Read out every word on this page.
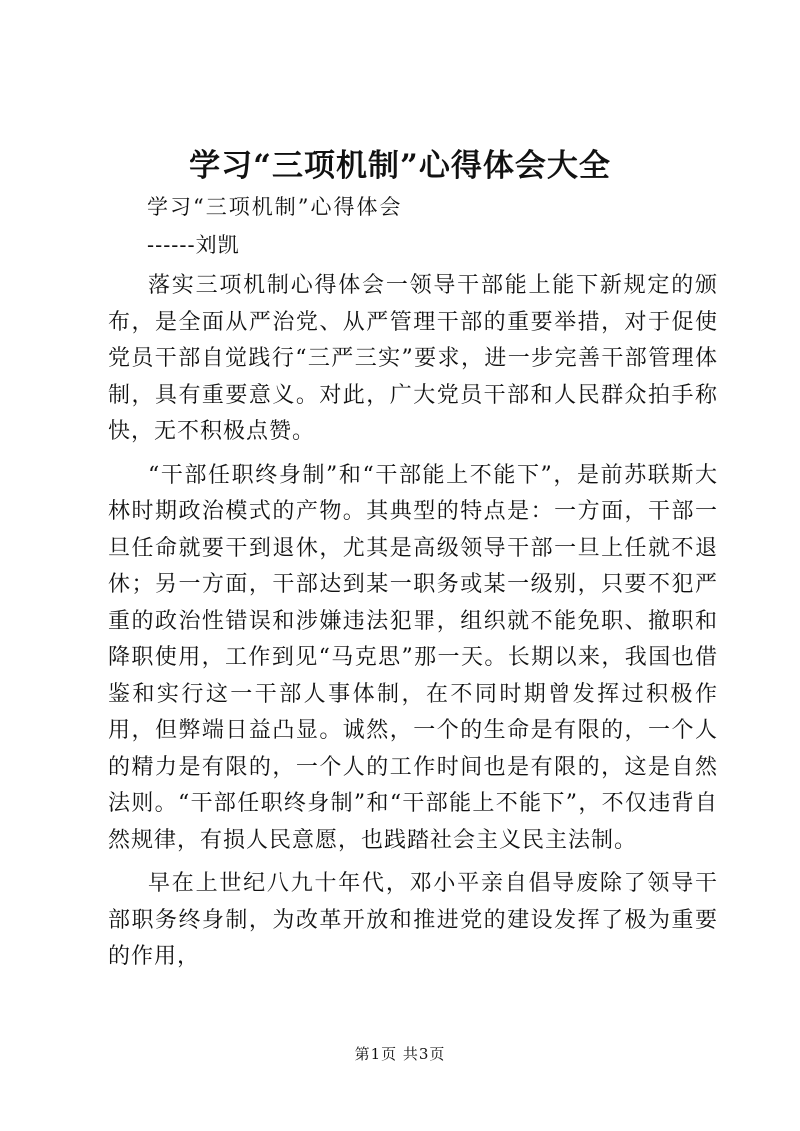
学习“三项机制”心得体会大全
学习“三项机制”心得体会
------刘凯

落实三项机制心得体会一领导干部能上能下新规定的颁布，是全面从严治党、从严管理干部的重要举措，对于促使党员干部自觉践行“三严三实”要求，进一步完善干部管理体制，具有重要意义。对此，广大党员干部和人民群众拍手称快，无不积极点赞。

“干部任职终身制”和“干部能上不能下”，是前苏联斯大林时期政治模式的产物。其典型的特点是：一方面，干部一旦任命就要干到退休，尤其是高级领导干部一旦上任就不退休；另一方面，干部达到某一职务或某一级别，只要不犯严重的政治性错误和涉嫌违法犯罪，组织就不能免职、撤职和降职使用，工作到见“马克思”那一天。长期以来，我国也借鉴和实行这一干部人事体制，在不同时期曾发挥过积极作用，但弊端日益凸显。诚然，一个的生命是有限的，一个人的精力是有限的，一个人的工作时间也是有限的，这是自然法则。“干部任职终身制”和“干部能上不能下”，不仅违背自然规律，有损人民意愿，也践踏社会主义民主法制。

早在上世纪八九十年代，邓小平亲自倡导废除了领导干部职务终身制，为改革开放和推进党的建设发挥了极为重要的作用，

第1页 共3页
